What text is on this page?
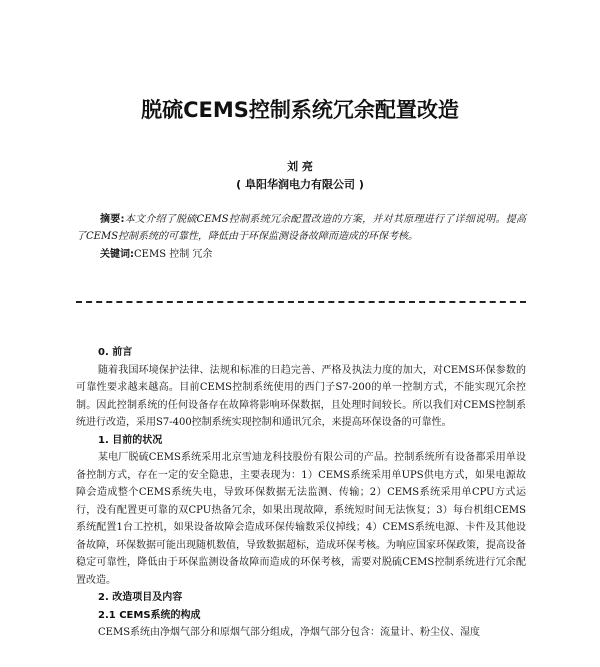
脱硫CEMS控制系统冗余配置改造
刘 亮
( 阜阳华润电力有限公司 )
摘要:本文介绍了脱硫CEMS控制系统冗余配置改造的方案，并对其原理进行了详细说明。提高了CEMS控制系统的可靠性，降低由于环保监测设备故障而造成的环保考核。
关键词:CEMS 控制 冗余
0. 前言

随着我国环境保护法律、法规和标准的日趋完善、严格及执法力度的加大，对CEMS环保参数的可靠性要求越来越高。目前CEMS控制系统使用的西门子S7-200的单一控制方式，不能实现冗余控制。因此控制系统的任何设备存在故障将影响环保数据，且处理时间较长。所以我们对CEMS控制系统进行改造，采用S7-400控制系统实现控制和通讯冗余，来提高环保设备的可靠性。

1. 目前的状况

某电厂脱硫CEMS系统采用北京雪迪龙科技股份有限公司的产品。控制系统所有设备都采用单设备控制方式，存在一定的安全隐患，主要表现为：1）CEMS系统采用单UPS供电方式，如果电源故障会造成整个CEMS系统失电，导致环保数据无法监测、传输；2）CEMS系统采用单CPU方式运行，没有配置更可靠的双CPU热备冗余，如果出现故障，系统短时间无法恢复；3）每台机组CEMS系统配置1台工控机，如果设备故障会造成环保传输数采仪掉线；4）CEMS系统电源、卡件及其他设备故障，环保数据可能出现随机数值，导致数据超标，造成环保考核。为响应国家环保政策，提高设备稳定可靠性，降低由于环保监测设备故障而造成的环保考核，需要对脱硫CEMS控制系统进行冗余配置改造。

2. 改造项目及内容
2.1 CEMS系统的构成

CEMS系统由净烟气部分和原烟气部分组成，净烟气部分包含：流量计、粉尘仪、湿度
